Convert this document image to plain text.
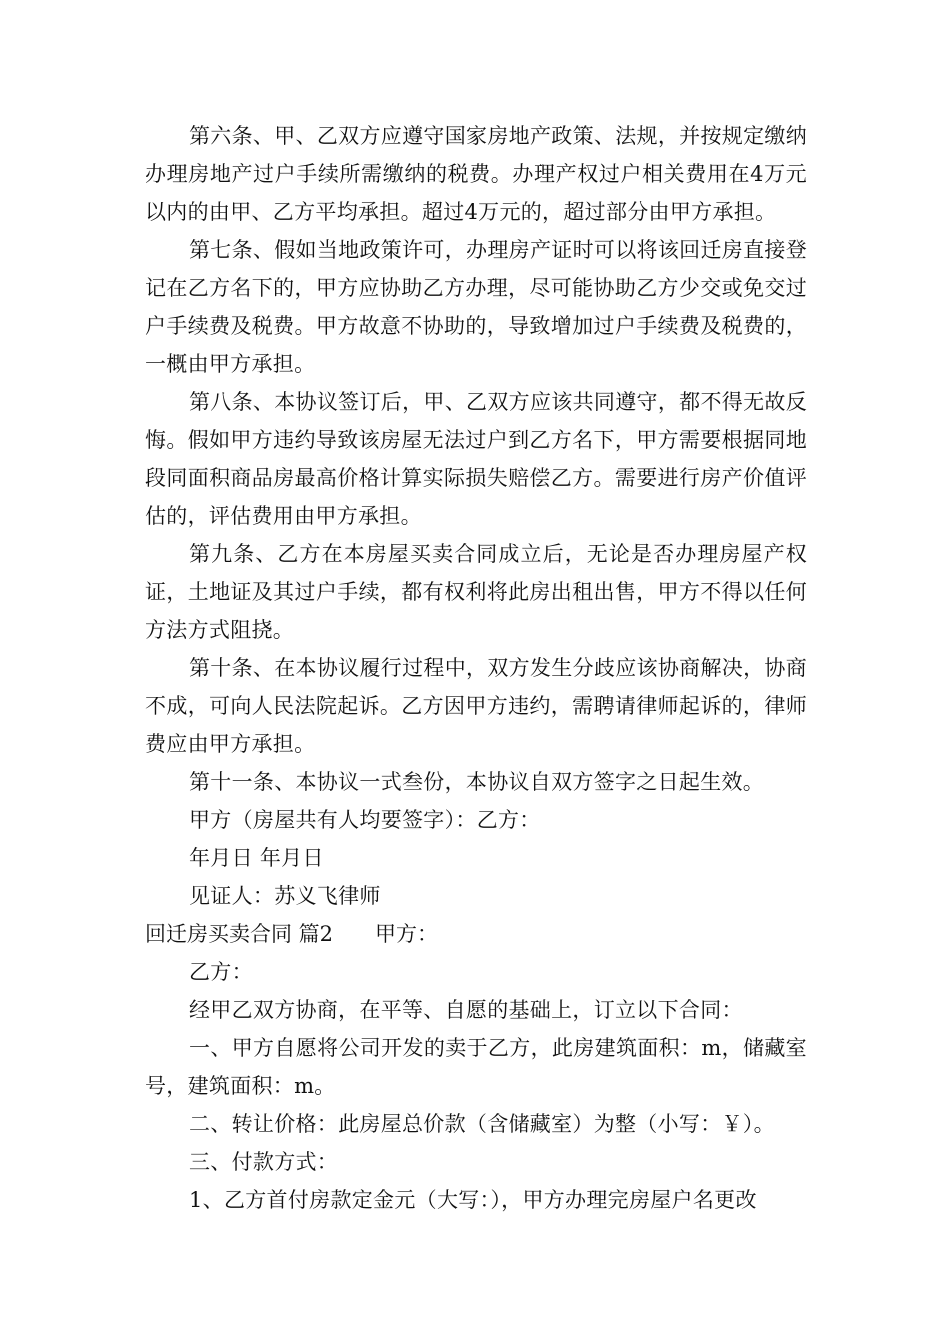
第六条、甲、乙双方应遵守国家房地产政策、法规，并按规定缴纳办理房地产过户手续所需缴纳的税费。办理产权过户相关费用在4万元以内的由甲、乙方平均承担。超过4万元的，超过部分由甲方承担。

第七条、假如当地政策许可，办理房产证时可以将该回迁房直接登记在乙方名下的，甲方应协助乙方办理，尽可能协助乙方少交或免交过户手续费及税费。甲方故意不协助的，导致增加过户手续费及税费的，一概由甲方承担。

第八条、本协议签订后，甲、乙双方应该共同遵守，都不得无故反悔。假如甲方违约导致该房屋无法过户到乙方名下，甲方需要根据同地段同面积商品房最高价格计算实际损失赔偿乙方。需要进行房产价值评估的，评估费用由甲方承担。

第九条、乙方在本房屋买卖合同成立后，无论是否办理房屋产权证，土地证及其过户手续，都有权利将此房出租出售，甲方不得以任何方法方式阻挠。

第十条、在本协议履行过程中，双方发生分歧应该协商解决，协商不成，可向人民法院起诉。乙方因甲方违约，需聘请律师起诉的，律师费应由甲方承担。

第十一条、本协议一式叁份，本协议自双方签字之日起生效。

甲方（房屋共有人均要签字）：乙方：

年月日 年月日

见证人：苏义飞律师

回迁房买卖合同 篇2 甲方：

乙方：

经甲乙双方协商，在平等、自愿的基础上，订立以下合同：

一、甲方自愿将公司开发的卖于乙方，此房建筑面积：m，储藏室号，建筑面积：m。

二、转让价格：此房屋总价款（含储藏室）为整（小写：￥）。

三、付款方式：

1、乙方首付房款定金元（大写：），甲方办理完房屋户名更改
